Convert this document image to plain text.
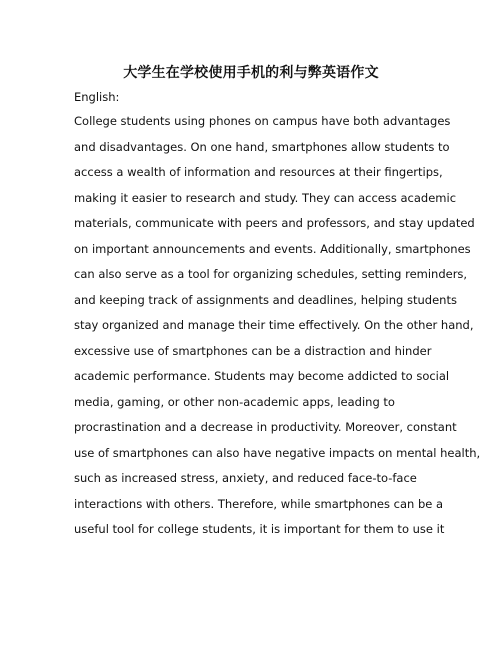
大学生在学校使用手机的利与弊英语作文

English:

College students using phones on campus have both advantages
and disadvantages. On one hand, smartphones allow students to
access a wealth of information and resources at their fingertips,
making it easier to research and study. They can access academic
materials, communicate with peers and professors, and stay updated
on important announcements and events. Additionally, smartphones
can also serve as a tool for organizing schedules, setting reminders,
and keeping track of assignments and deadlines, helping students
stay organized and manage their time effectively. On the other hand,
excessive use of smartphones can be a distraction and hinder
academic performance. Students may become addicted to social
media, gaming, or other non-academic apps, leading to
procrastination and a decrease in productivity. Moreover, constant
use of smartphones can also have negative impacts on mental health,
such as increased stress, anxiety, and reduced face-to-face
interactions with others. Therefore, while smartphones can be a
useful tool for college students, it is important for them to use it
